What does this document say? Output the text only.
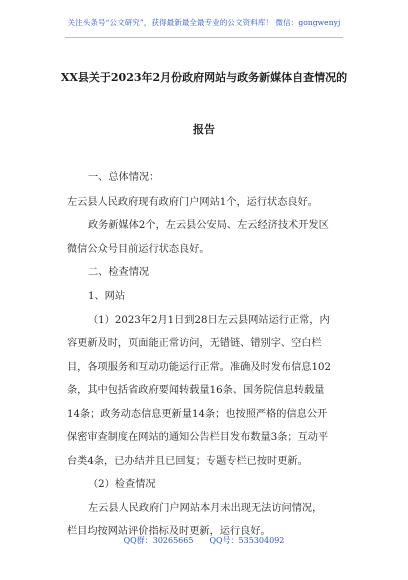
关注头条号“公文研究”，获得最新最全最专业的公文资料库！ 微信：gongwenyj
XX县关于2023年2月份政府网站与政务新媒体自查情况的
报告
一、总体情况：
左云县人民政府现有政府门户网站1个，运行状态良好。
政务新媒体2个，左云县公安局、左云经济技术开发区
微信公众号目前运行状态良好。
二、检查情况
1、网站
（1）2023年2月1日到28日左云县网站运行正常，内
容更新及时，页面能正常访问，无错链、错别字、空白栏
目，各项服务和互动功能运行正常。准确及时发布信息102
条，其中包括省政府要闻转载量16条、国务院信息转载量
14条；政务动态信息更新量14条；也按照严格的信息公开
保密审查制度在网站的通知公告栏目发布数量3条；互动平
台类4条，已办结并且已回复；专题专栏已按时更新。
（2）检查情况
左云县人民政府门户网站本月未出现无法访问情况，
栏目均按网站评价指标及时更新，运行良好。
QQ群：30265665　　QQ号：535304092
